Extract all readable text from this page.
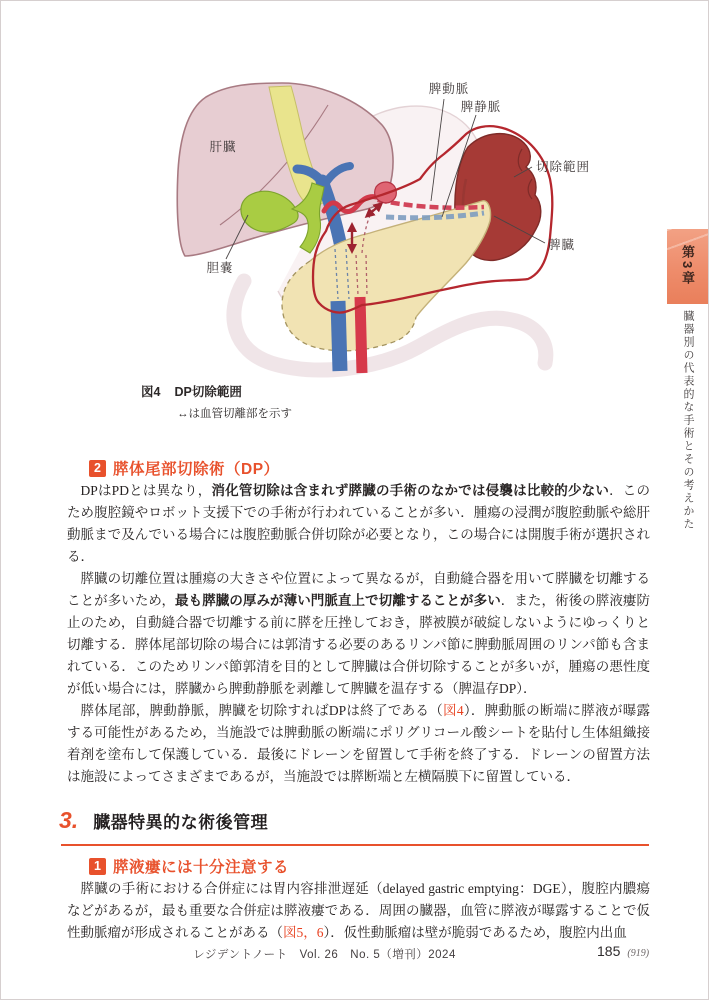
肝臓
胆嚢
脾動脈
脾静脈
切除範囲
脾臓
図4 DP切除範囲
↔は血管切離部を示す
2 膵体尾部切除術（DP）

DPはPDとは異なり，消化管切除は含まれず膵臓の手術のなかでは侵襲は比較的少ない．このため腹腔鏡やロボット支援下での手術が行われていることが多い．腫瘍の浸潤が腹腔動脈や総肝動脈まで及んでいる場合には腹腔動脈合併切除が必要となり，この場合には開腹手術が選択される．

膵臓の切離位置は腫瘍の大きさや位置によって異なるが，自動縫合器を用いて膵臓を切離することが多いため，最も膵臓の厚みが薄い門脈直上で切離することが多い．また，術後の膵液瘻防止のため，自動縫合器で切離する前に膵を圧挫しておき，膵被膜が破綻しないようにゆっくりと切離する．膵体尾部切除の場合には郭清する必要のあるリンパ節に脾動脈周囲のリンパ節も含まれている．このためリンパ節郭清を目的として脾臓は合併切除することが多いが，腫瘍の悪性度が低い場合には，膵臓から脾動静脈を剥離して脾臓を温存する（脾温存DP）．

膵体尾部，脾動静脈，脾臓を切除すればDPは終了である（図4）．脾動脈の断端に膵液が曝露する可能性があるため，当施設では脾動脈の断端にポリグリコール酸シートを貼付し生体組織接着剤を塗布して保護している．最後にドレーンを留置して手術を終了する．ドレーンの留置方法は施設によってさまざまであるが，当施設では膵断端と左横隔膜下に留置している．

3. 臓器特異的な術後管理
1 膵液瘻には十分注意する

膵臓の手術における合併症には胃内容排泄遅延（delayed gastric emptying：DGE），腹腔内膿瘍などがあるが，最も重要な合併症は膵液瘻である．周囲の臓器，血管に膵液が曝露することで仮性動脈瘤が形成されることがある（図5，6）．仮性動脈瘤は壁が脆弱であるため，腹腔内出血

レジデントノート　Vol. 26　No. 5（増刊）2024	185 (919)
第3章
臓器別の代表的な手術とその考えかた
